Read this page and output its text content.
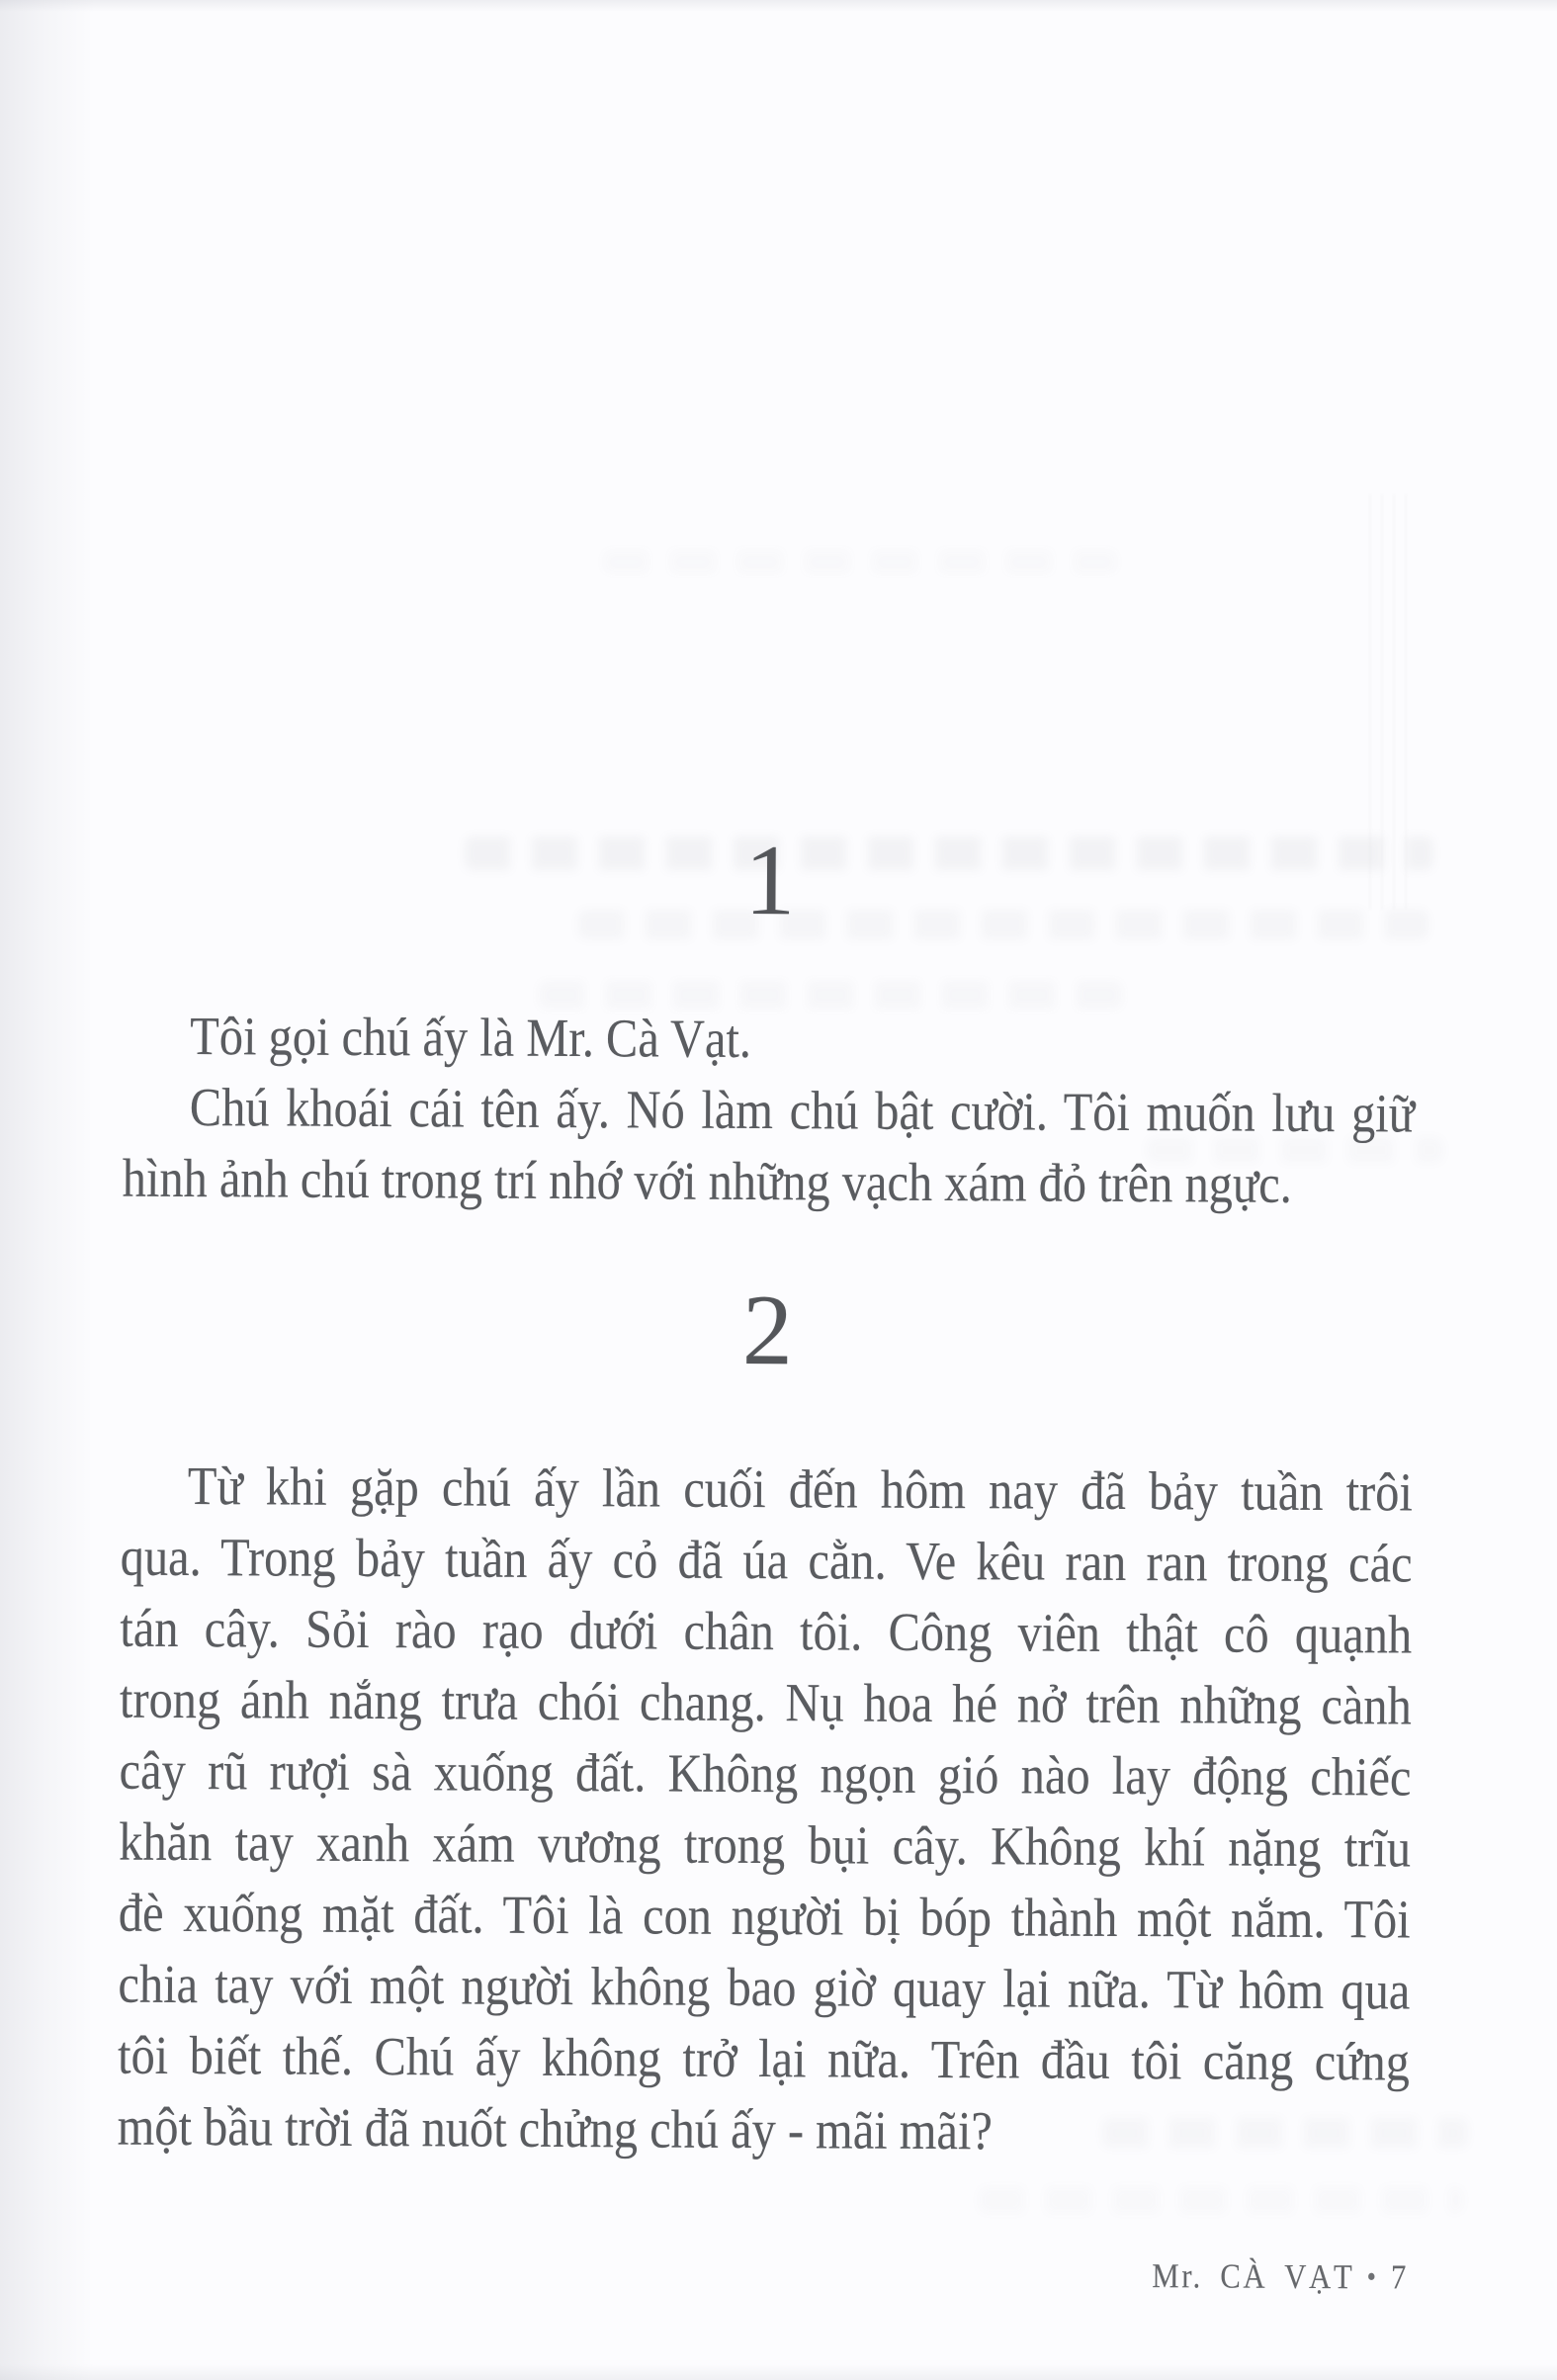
1
Tôi gọi chú ấy là Mr. Cà Vạt.
Chú khoái cái tên ấy. Nó làm chú bật cười. Tôi muốn lưu giữ
hình ảnh chú trong trí nhớ với những vạch xám đỏ trên ngực.
2
Từ khi gặp chú ấy lần cuối đến hôm nay đã bảy tuần trôi
qua. Trong bảy tuần ấy cỏ đã úa cằn. Ve kêu ran ran trong các
tán cây. Sỏi rào rạo dưới chân tôi. Công viên thật cô quạnh
trong ánh nắng trưa chói chang. Nụ hoa hé nở trên những cành
cây rũ rượi sà xuống đất. Không ngọn gió nào lay động chiếc
khăn tay xanh xám vương trong bụi cây. Không khí nặng trĩu
đè xuống mặt đất. Tôi là con người bị bóp thành một nắm. Tôi
chia tay với một người không bao giờ quay lại nữa. Từ hôm qua
tôi biết thế. Chú ấy không trở lại nữa. Trên đầu tôi căng cứng
một bầu trời đã nuốt chửng chú ấy - mãi mãi?
Mr. CÀ VẠT • 7
